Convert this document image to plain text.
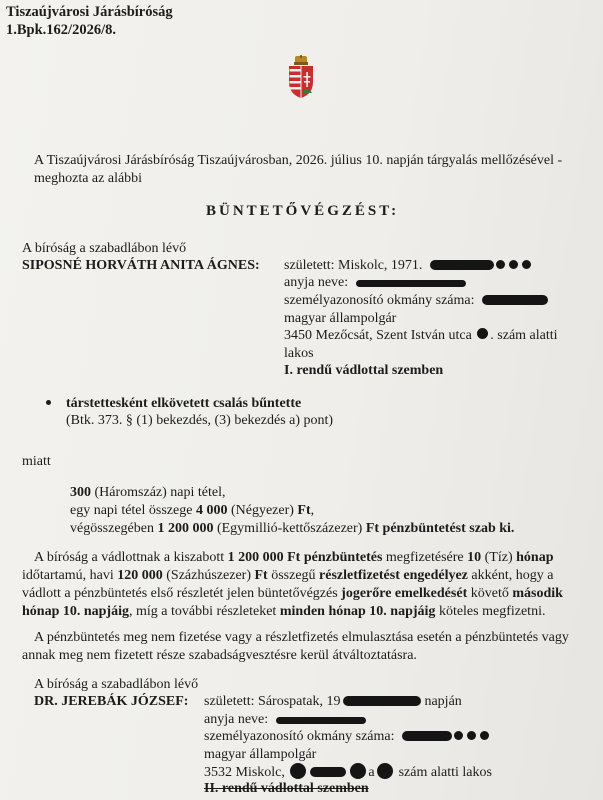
Tiszaújvárosi Járásbíróság
1.Bpk.162/2026/8.
A Tiszaújvárosi Járásbíróság Tiszaújvárosban, 2026. július 10. napján tárgyalás mellőzésével -
meghozta az alábbi
BÜNTETŐVÉGZÉST:
A bíróság a szabadlábon lévő
SIPOSNÉ HORVÁTH ANITA ÁGNES: született: Miskolc, 1971.
anyja neve:
személyazonosító okmány száma:
magyar állampolgár
3450 Mezőcsát, Szent István utca . szám alatti
lakos
I. rendű vádlottal szemben
társtettesként elkövetett csalás bűntette
(Btk. 373. § (1) bekezdés, (3) bekezdés a) pont)
miatt
300 (Háromszáz) napi tétel,
egy napi tétel összege 4 000 (Négyezer) Ft,
végösszegében 1 200 000 (Egymillió-kettőszázezer) Ft pénzbüntetést szab ki.
A bíróság a vádlottnak a kiszabott 1 200 000 Ft pénzbüntetés megfizetésére 10 (Tíz) hónap
időtartamú, havi 120 000 (Százhúszezer) Ft összegű részletfizetést engedélyez akként, hogy a
vádlott a pénzbüntetés első részletét jelen büntetővégzés jogerőre emelkedését követő második
hónap 10. napjáig, míg a további részleteket minden hónap 10. napjáig köteles megfizetni.
A pénzbüntetés meg nem fizetése vagy a részletfizetés elmulasztása esetén a pénzbüntetés vagy
annak meg nem fizetett része szabadságvesztésre kerül átváltoztatásra.
A bíróság a szabadlábon lévő
DR. JEREBÁK JÓZSEF: született: Sárospatak, 19	napján
anyja neve:
személyazonosító okmány száma:
magyar állampolgár
3532 Miskolc,	a szám alatti lakos
II. rendű vádlottal szemben
